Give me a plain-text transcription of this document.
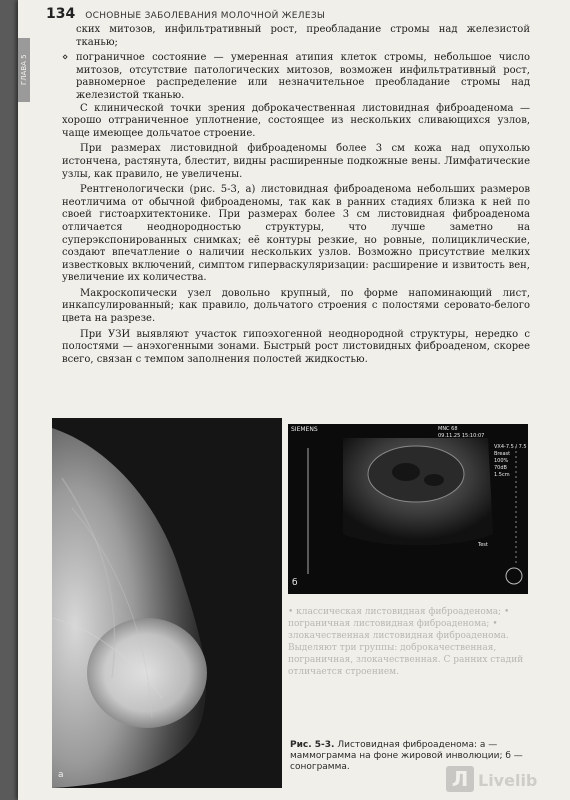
ГЛАВА 5
134 ОСНОВНЫЕ ЗАБОЛЕВАНИЯ МОЛОЧНОЙ ЖЕЛЕЗЫ

ских митозов, инфильтративный рост, преобладание стромы над железистой тканью;

⋄ пограничное состояние — умеренная атипия клеток стромы, небольшое число митозов, отсутствие патологических митозов, возможен инфильтративный рост, равномерное распределение или незначительное преобладание стромы над железистой тканью.

С клинической точки зрения доброкачественная листовидная фиброаденома — хорошо отграниченное уплотнение, состоящее из нескольких сливающихся узлов, чаще имеющее дольчатое строение.

При размерах листовидной фиброаденомы более 3 см кожа над опухолью истончена, растянута, блестит, видны расширенные подкожные вены. Лимфатические узлы, как правило, не увеличены.

Рентгенологически (рис. 5-3, а) листовидная фиброаденома небольших размеров неотличима от обычной фиброаденомы, так как в ранних стадиях близка к ней по своей гистоархитектонике. При размерах более 3 см листовидная фиброаденома отличается неоднородностью структуры, что лучше заметно на суперэкспонированных снимках; её контуры резкие, но ровные, полициклические, создают впечатление о наличии нескольких узлов. Возможно присутствие мелких известковых включений, симптом гиперваскуляризации: расширение и извитость вен, увеличение их количества.

Макроскопически узел довольно крупный, по форме напоминающий лист, инкапсулированный; как правило, дольчатого строения с полостями серовато-белого цвета на разрезе.

При УЗИ выявляют участок гипоэхогенной неоднородной структуры, нередко с полостями — анэхогенными зонами. Быстрый рост листовидных фиброаденом, скорее всего, связан с темпом заполнения полостей жидкостью.

а
SIEMENS	MNC 68
09.11.25 15:10:07
VX4-7.5 / 7.5
Breast
100%
70dB
1.5cm
Test
б
• классическая листовидная фиброаденома; • пограничная листовидная фиброаденома; • злокачественная листовидная фиброаденома. Выделяют три группы: доброкачественная, пограничная, злокачественная. С ранних стадий отличается строением.
Рис. 5-3. Листовидная фиброаденома: а — маммограмма на фоне жировой инволюции; б — сонограмма.	Л Livelib
